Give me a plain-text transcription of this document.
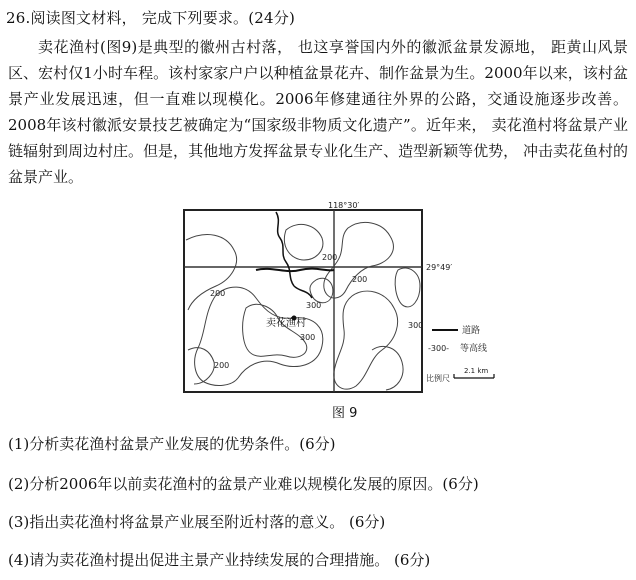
26.阅读图文材料， 完成下列要求。(24分)

卖花渔村(图9)是典型的徽州古村落， 也这享誉国内外的徽派盆景发源地， 距黄山风景区、宏村仅1小时车程。该村家家户户以种植盆景花卉、制作盆景为生。2000年以来，该村盆景产业发展迅速，但一直难以现模化。2006年修建通往外界的公路，交通设施逐步改善。 2008年该村徽派安景技艺被确定为“国家级非物质文化遗产”。近年来， 卖花渔村将盆景产业链辐射到周边村庄。但是，其他地方发挥盆景专业化生产、造型新颖等优势， 冲击卖花鱼村的盆景产业。

卖花渔村
200
300
300
300
200
200
200
118°30′
29°49′
道路
-300- 等高线
比例尺
2.1 km
图 9
(1)分析卖花渔村盆景产业发展的优势条件。(6分)
(2)分析2006年以前卖花渔村的盆景产业难以规模化发展的原因。(6分)
(3)指出卖花渔村将盆景产业展至附近村落的意义。 (6分)
(4)请为卖花渔村提出促进主景产业持续发展的合理措施。 (6分)
